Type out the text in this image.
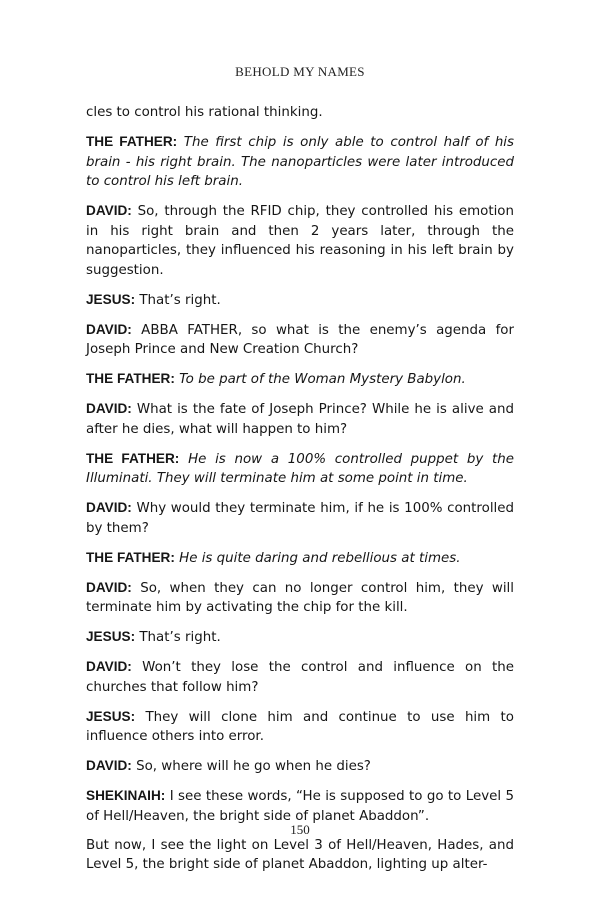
BEHOLD MY NAMES

cles to control his rational thinking.

THE FATHER: The first chip is only able to control half of his brain - his right brain. The nanoparticles were later introduced to control his left brain.

DAVID: So, through the RFID chip, they controlled his emotion in his right brain and then 2 years later, through the nanoparticles, they influenced his reasoning in his left brain by suggestion.

JESUS: That’s right.

DAVID: ABBA FATHER, so what is the enemy’s agenda for Joseph Prince and New Creation Church?

THE FATHER: To be part of the Woman Mystery Babylon.

DAVID: What is the fate of Joseph Prince? While he is alive and after he dies, what will happen to him?

THE FATHER: He is now a 100% controlled puppet by the Illuminati. They will terminate him at some point in time.

DAVID: Why would they terminate him, if he is 100% controlled by them?

THE FATHER: He is quite daring and rebellious at times.

DAVID: So, when they can no longer control him, they will terminate him by activating the chip for the kill.

JESUS: That’s right.

DAVID: Won’t they lose the control and influence on the churches that follow him?

JESUS: They will clone him and continue to use him to influence others into error.

DAVID: So, where will he go when he dies?

SHEKINAIH: I see these words, “He is supposed to go to Level 5 of Hell/Heaven, the bright side of planet Abaddon”.

But now, I see the light on Level 3 of Hell/Heaven, Hades, and Level 5, the bright side of planet Abaddon, lighting up alter-

150
